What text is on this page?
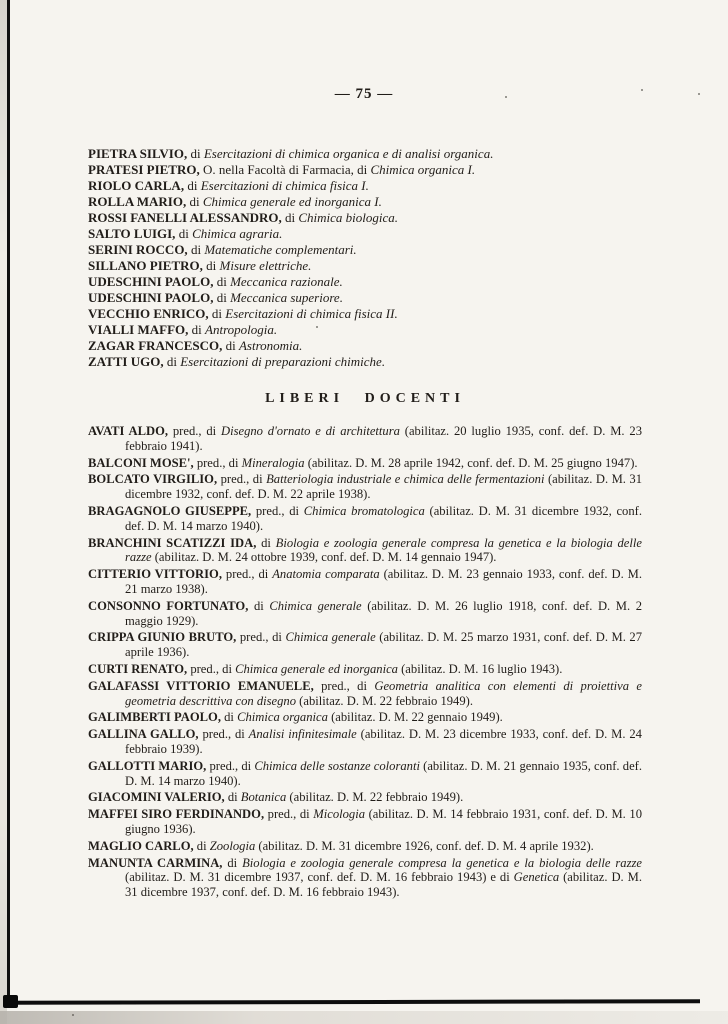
— 75 —

PIETRA SILVIO, di Esercitazioni di chimica organica e di analisi organica.

PRATESI PIETRO, O. nella Facoltà di Farmacia, di Chimica organica I.

RIOLO CARLA, di Esercitazioni di chimica fisica I.

ROLLA MARIO, di Chimica generale ed inorganica I.

ROSSI FANELLI ALESSANDRO, di Chimica biologica.

SALTO LUIGI, di Chimica agraria.

SERINI ROCCO, di Matematiche complementari.

SILLANO PIETRO, di Misure elettriche.

UDESCHINI PAOLO, di Meccanica razionale.

UDESCHINI PAOLO, di Meccanica superiore.

VECCHIO ENRICO, di Esercitazioni di chimica fisica II.

VIALLI MAFFO, di Antropologia.

ZAGAR FRANCESCO, di Astronomia.

ZATTI UGO, di Esercitazioni di preparazioni chimiche.

LIBERI DOCENTI

AVATI ALDO, pred., di Disegno d'ornato e di architettura (abilitaz. 20 luglio 1935, conf. def. D. M. 23 febbraio 1941).

BALCONI MOSE', pred., di Mineralogia (abilitaz. D. M. 28 aprile 1942, conf. def. D. M. 25 giugno 1947).

BOLCATO VIRGILIO, pred., di Batteriologia industriale e chimica delle fermentazioni (abilitaz. D. M. 31 dicembre 1932, conf. def. D. M. 22 aprile 1938).

BRAGAGNOLO GIUSEPPE, pred., di Chimica bromatologica (abilitaz. D. M. 31 dicembre 1932, conf. def. D. M. 14 marzo 1940).

BRANCHINI SCATIZZI IDA, di Biologia e zoologia generale compresa la genetica e la biologia delle razze (abilitaz. D. M. 24 ottobre 1939, conf. def. D. M. 14 gennaio 1947).

CITTERIO VITTORIO, pred., di Anatomia comparata (abilitaz. D. M. 23 gennaio 1933, conf. def. D. M. 21 marzo 1938).

CONSONNO FORTUNATO, di Chimica generale (abilitaz. D. M. 26 luglio 1918, conf. def. D. M. 2 maggio 1929).

CRIPPA GIUNIO BRUTO, pred., di Chimica generale (abilitaz. D. M. 25 marzo 1931, conf. def. D. M. 27 aprile 1936).

CURTI RENATO, pred., di Chimica generale ed inorganica (abilitaz. D. M. 16 luglio 1943).

GALAFASSI VITTORIO EMANUELE, pred., di Geometria analitica con elementi di proiettiva e geometria descrittiva con disegno (abilitaz. D. M. 22 febbraio 1949).

GALIMBERTI PAOLO, di Chimica organica (abilitaz. D. M. 22 gennaio 1949).

GALLINA GALLO, pred., di Analisi infinitesimale (abilitaz. D. M. 23 dicembre 1933, conf. def. D. M. 24 febbraio 1939).

GALLOTTI MARIO, pred., di Chimica delle sostanze coloranti (abilitaz. D. M. 21 gennaio 1935, conf. def. D. M. 14 marzo 1940).

GIACOMINI VALERIO, di Botanica (abilitaz. D. M. 22 febbraio 1949).

MAFFEI SIRO FERDINANDO, pred., di Micologia (abilitaz. D. M. 14 febbraio 1931, conf. def. D. M. 10 giugno 1936).

MAGLIO CARLO, di Zoologia (abilitaz. D. M. 31 dicembre 1926, conf. def. D. M. 4 aprile 1932).

MANUNTA CARMINA, di Biologia e zoologia generale compresa la genetica e la biologia delle razze (abilitaz. D. M. 31 dicembre 1937, conf. def. D. M. 16 febbraio 1943) e di Genetica (abilitaz. D. M. 31 dicembre 1937, conf. def. D. M. 16 febbraio 1943).
